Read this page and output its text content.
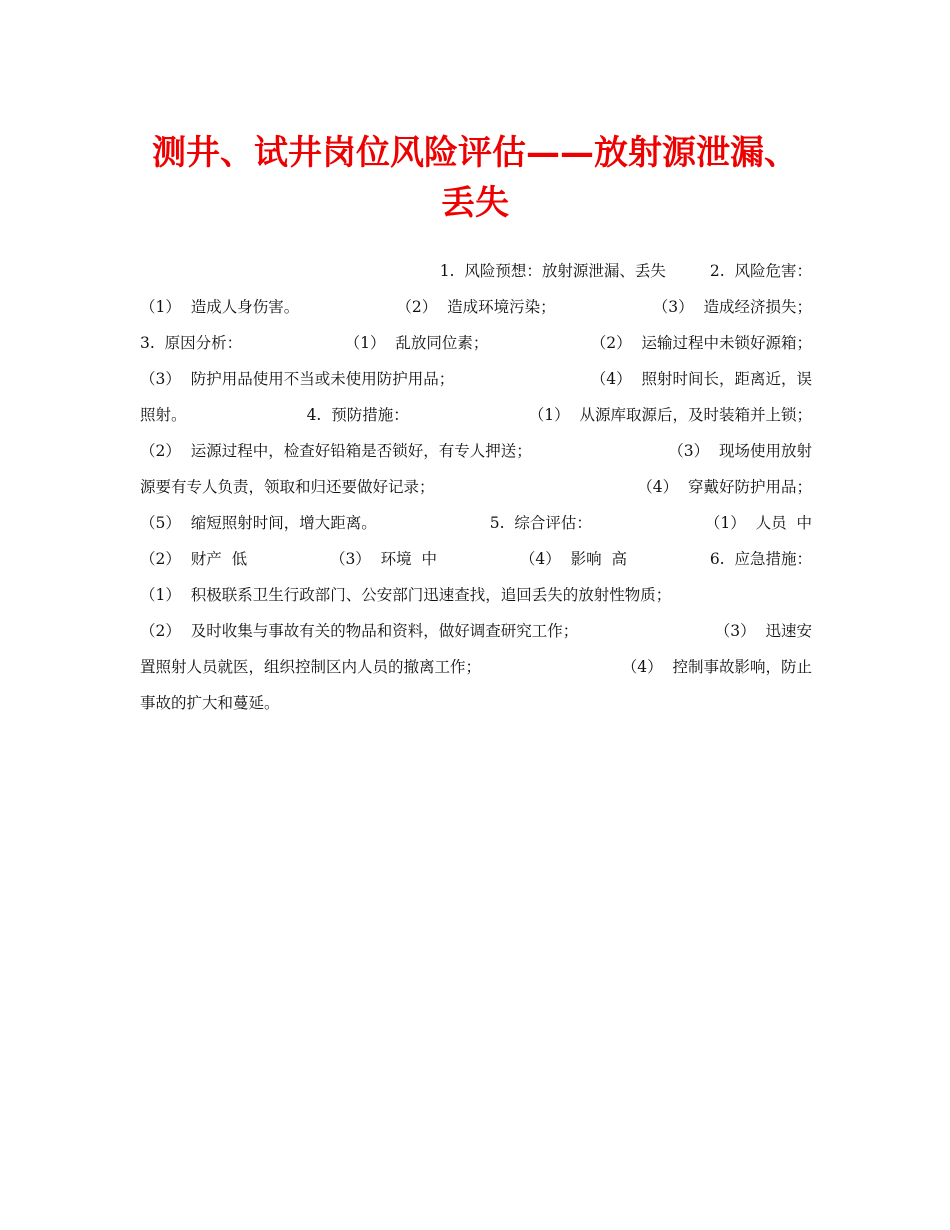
测井、试井岗位风险评估——放射源泄漏、
丢失
1.  风险预想：放射源泄漏、丢失	2.  风险危害：
（1）  造成人身伤害。	（2）  造成环境污染；	（3）  造成经济损失；
3.  原因分析：	（1）  乱放同位素；	（2）  运输过程中未锁好源箱；
（3）  防护用品使用不当或未使用防护用品；	（4）  照射时间长，距离近，误
照射。	4.  预防措施：	（1）  从源库取源后，及时装箱并上锁；
（2）  运源过程中，检查好铅箱是否锁好，有专人押送；	（3）  现场使用放射
源要有专人负责，领取和归还要做好记录；	（4）  穿戴好防护用品；
（5）  缩短照射时间，增大距离。	5.  综合评估：	（1）  人员  中
（2）  财产  低	（3）  环境  中	（4）  影响  高	6.  应急措施：
（1）  积极联系卫生行政部门、公安部门迅速查找，追回丢失的放射性物质；
（2）  及时收集与事故有关的物品和资料，做好调查研究工作；	（3）  迅速安
置照射人员就医，组织控制区内人员的撤离工作；	（4）  控制事故影响，防止
事故的扩大和蔓延。
